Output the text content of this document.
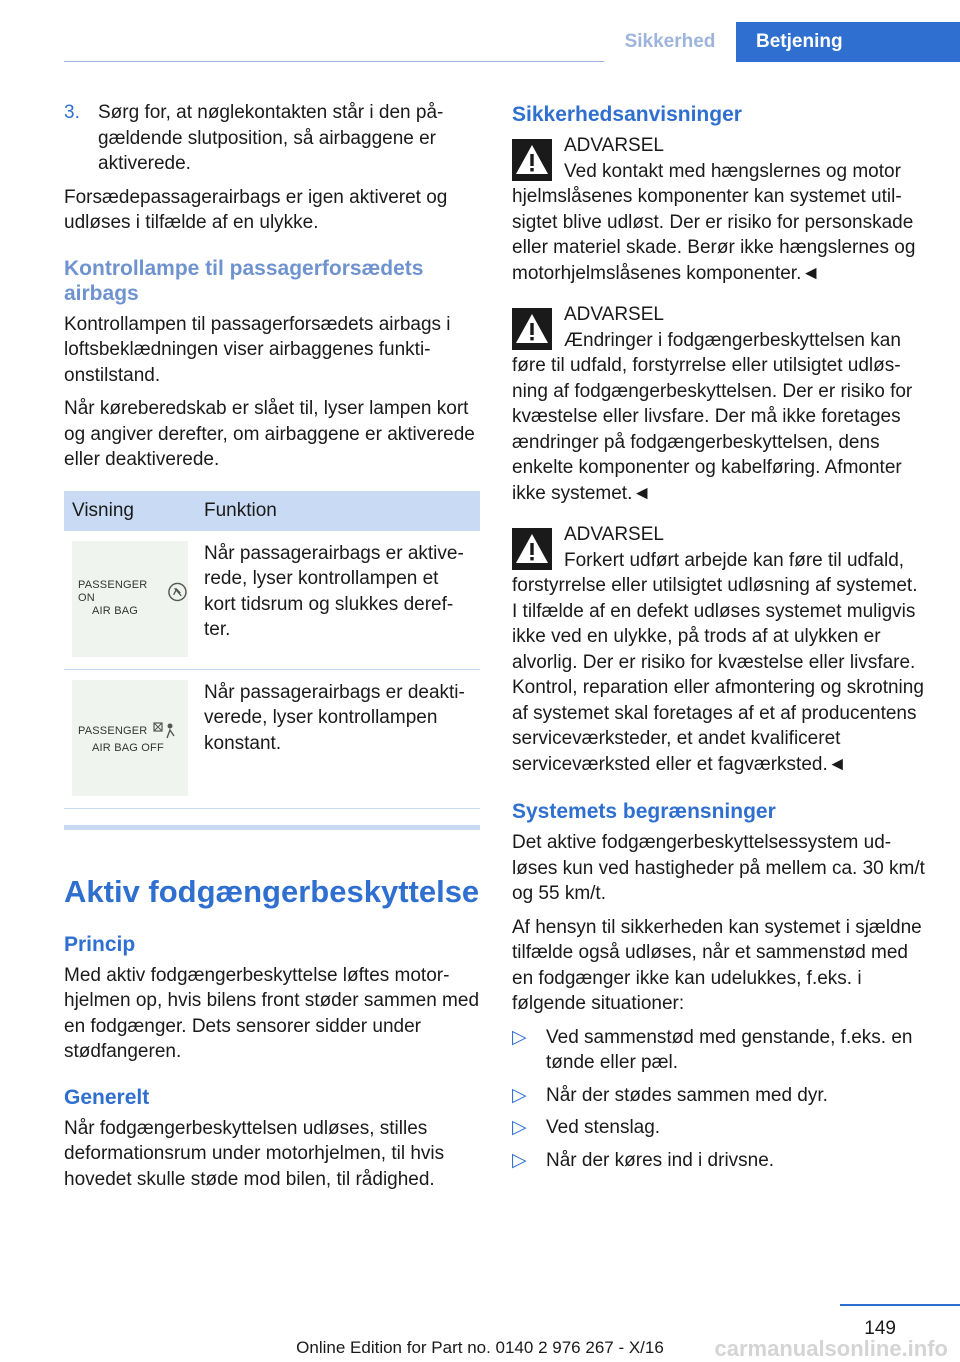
Sikkerhed	Betjening
3. Sørg for, at nøglekontakten står i den pågældende slutposition, så airbaggene er aktiverede.

Forsædepassagerairbags er igen aktiveret og udløses i tilfælde af en ulykke.

Kontrollampe til passagerforsædets airbags

Kontrollampen til passagerforsædets airbags i loftsbeklædningen viser airbaggenes funktionstilstand.

Når kørеberedskab er slået til, lyser lampen kort og angiver derefter, om airbaggene er aktiverede eller deaktiverede.

Visning	Funktion

PASSENGER ON
AIR BAG	Når passagerairbags er aktiverede, lyser kontrollampen et kort tidsrum og slukkes derefter.

PASSENGER
AIR BAG OFF	Når passagerairbags er deaktiverede, lyser kontrollampen konstant.
Aktiv fodgængerbeskyttelse
Princip

Med aktiv fodgængerbeskyttelse løftes motorhjelmen op, hvis bilens front støder sammen med en fodgænger. Dets sensorer sidder under stødfangeren.

Generelt

Når fodgængerbeskyttelsen udløses, stilles deformationsrum under motorhjelmen, til hvis hovedet skulle støde mod bilen, til rådighed.

Sikkerhedsanvisninger
ADVARSEL
Ved kontakt med hængslernes og motor
hjelmslåsenes komponenter kan systemet utilsigtet blive udløst. Der er risiko for personskade eller materiel skade. Berør ikke hængslernes og motorhjelmslåsenes komponenter.◄
ADVARSEL
Ændringer i fodgængerbeskyttelsen kan
føre til udfald, forstyrrelse eller utilsigtet udløsning af fodgængerbeskyttelsen. Der er risiko for kvæstelse eller livsfare. Der må ikke foretages ændringer på fodgængerbeskyttelsen, dens enkelte komponenter og kabelføring. Afmonter ikke systemet.◄
ADVARSEL
Forkert udført arbejde kan føre til udfald,
forstyrrelse eller utilsigtet udløsning af systemet. I tilfælde af en defekt udløses systemet muligvis ikke ved en ulykke, på trods af at ulykken er alvorlig. Der er risiko for kvæstelse eller livsfare. Kontrol, reparation eller afmontering og skrotning af systemet skal foretages af et af producentens serviceværksteder, et andet kvalificeret serviceværksted eller et fagværksted.◄
Systemets begrænsninger

Det aktive fodgængerbeskyttelsessystem udløses kun ved hastigheder på mellem ca. 30 km/t og 55 km/t.

Af hensyn til sikkerheden kan systemet i sjældne tilfælde også udløses, når et sammenstød med en fodgænger ikke kan udelukkes, f.eks. i følgende situationer:

▷	Ved sammenstød med genstande, f.eks. en tønde eller pæl.
▷	Når der stødes sammen med dyr.
▷	Ved stenslag.
▷	Når der køres ind i drivsne.
149
Online Edition for Part no. 0140 2 976 267 - X/16	carmanualsonline.info
